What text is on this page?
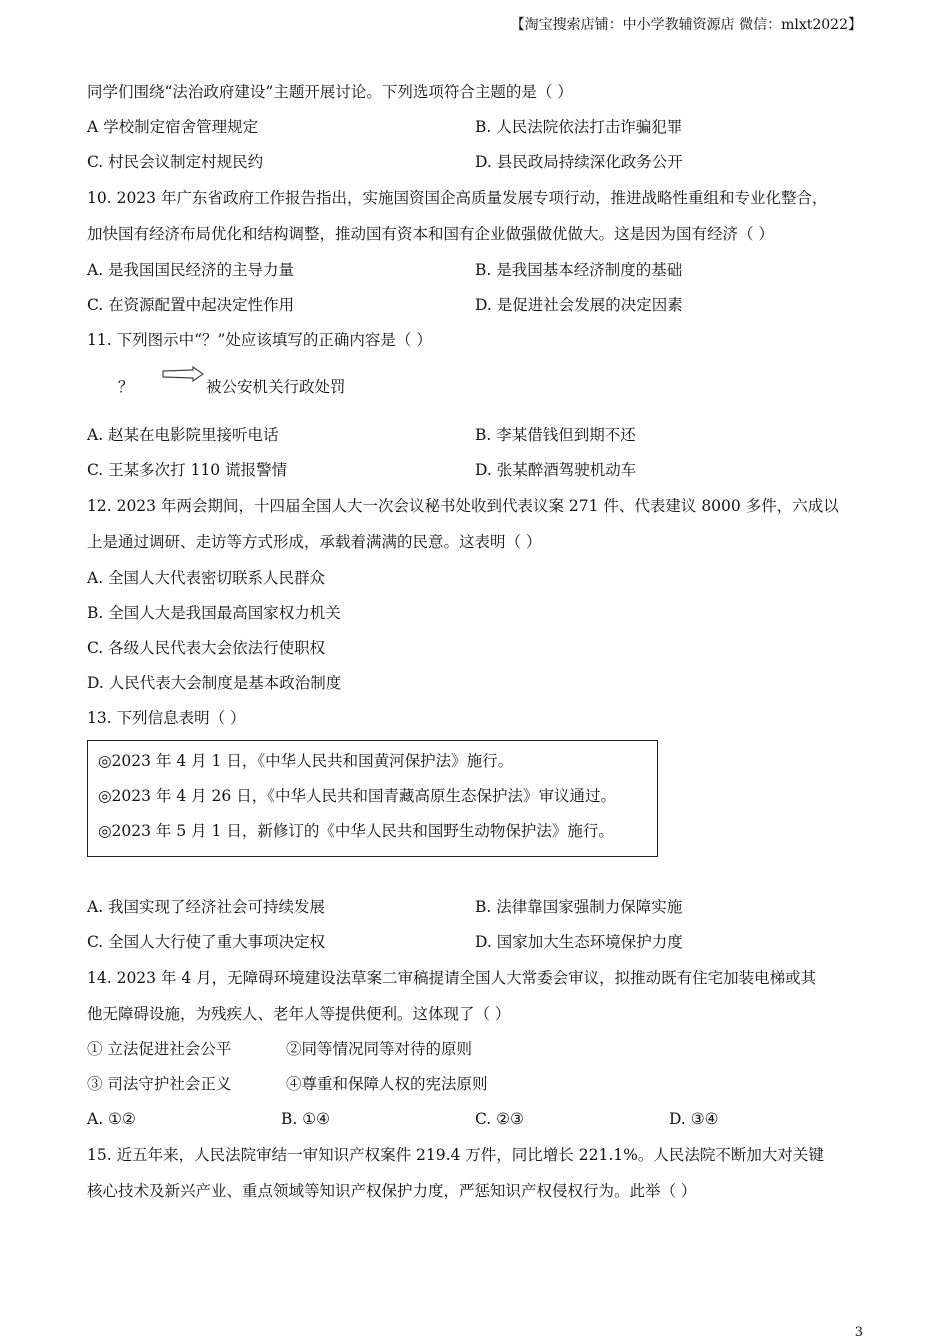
【淘宝搜索店铺：中小学教辅资源店 微信：mlxt2022】
同学们围绕“法治政府建设”主题开展讨论。下列选项符合主题的是（ ）
A 学校制定宿舍管理规定	B. 人民法院依法打击诈骗犯罪
C. 村民会议制定村规民约	D. 县民政局持续深化政务公开
10. 2023 年广东省政府工作报告指出，实施国资国企高质量发展专项行动，推进战略性重组和专业化整合，
加快国有经济布局优化和结构调整，推动国有资本和国有企业做强做优做大。这是因为国有经济（ ）
A. 是我国国民经济的主导力量	B. 是我国基本经济制度的基础
C. 在资源配置中起决定性作用	D. 是促进社会发展的决定因素
11. 下列图示中“？”处应该填写的正确内容是（ ）
？	被公安机关行政处罚
A. 赵某在电影院里接听电话	B. 李某借钱但到期不还
C. 王某多次打 110 谎报警情	D. 张某醉酒驾驶机动车
12. 2023 年两会期间，十四届全国人大一次会议秘书处收到代表议案 271 件、代表建议 8000 多件，六成以
上是通过调研、走访等方式形成，承载着满满的民意。这表明（ ）
A. 全国人大代表密切联系人民群众
B. 全国人大是我国最高国家权力机关
C. 各级人民代表大会依法行使职权
D. 人民代表大会制度是基本政治制度
13. 下列信息表明（ ）
◎2023 年 4 月 1 日，《中华人民共和国黄河保护法》施行。
◎2023 年 4 月 26 日，《中华人民共和国青藏高原生态保护法》审议通过。
◎2023 年 5 月 1 日，新修订的《中华人民共和国野生动物保护法》施行。
A. 我国实现了经济社会可持续发展	B. 法律靠国家强制力保障实施
C. 全国人大行使了重大事项决定权	D. 国家加大生态环境保护力度
14. 2023 年 4 月，无障碍环境建设法草案二审稿提请全国人大常委会审议，拟推动既有住宅加装电梯或其
他无障碍设施，为残疾人、老年人等提供便利。这体现了（ ）
① 立法促进社会公平	②同等情况同等对待的原则
③ 司法守护社会正义	④尊重和保障人权的宪法原则
A. ①②	B. ①④	C. ②③	D. ③④
15. 近五年来，人民法院审结一审知识产权案件 219.4 万件，同比增长 221.1%。人民法院不断加大对关键
核心技术及新兴产业、重点领域等知识产权保护力度，严惩知识产权侵权行为。此举（ ）
3
